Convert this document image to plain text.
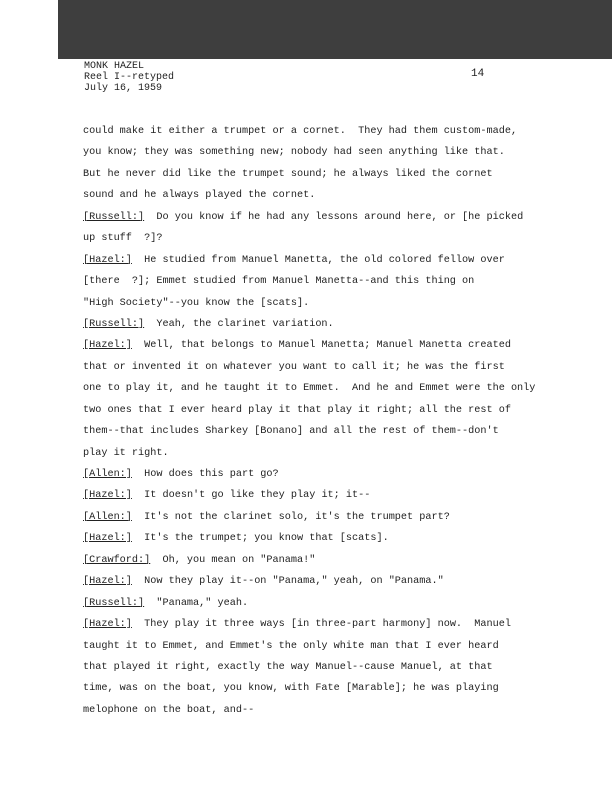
MONK HAZEL
Reel I--retyped
July 16, 1959
14
could make it either a trumpet or a cornet.  They had them custom-made,
you know; they was something new; nobody had seen anything like that.
But he never did like the trumpet sound; he always liked the cornet
sound and he always played the cornet.
[Russell:]  Do you know if he had any lessons around here, or [he picked
up stuff  ?]?
[Hazel:]  He studied from Manuel Manetta, the old colored fellow over
[there  ?]; Emmet studied from Manuel Manetta--and this thing on
"High Society"--you know the [scats].
[Russell:]  Yeah, the clarinet variation.
[Hazel:]  Well, that belongs to Manuel Manetta; Manuel Manetta created
that or invented it on whatever you want to call it; he was the first
one to play it, and he taught it to Emmet.  And he and Emmet were the only
two ones that I ever heard play it that play it right; all the rest of
them--that includes Sharkey [Bonano] and all the rest of them--don't
play it right.
[Allen:]  How does this part go?
[Hazel:]  It doesn't go like they play it; it--
[Allen:]  It's not the clarinet solo, it's the trumpet part?
[Hazel:]  It's the trumpet; you know that [scats].
[Crawford:]  Oh, you mean on "Panama!"
[Hazel:]  Now they play it--on "Panama," yeah, on "Panama."
[Russell:]  "Panama," yeah.
[Hazel:]  They play it three ways [in three-part harmony] now.  Manuel
taught it to Emmet, and Emmet's the only white man that I ever heard
that played it right, exactly the way Manuel--cause Manuel, at that
time, was on the boat, you know, with Fate [Marable]; he was playing
melophone on the boat, and--
